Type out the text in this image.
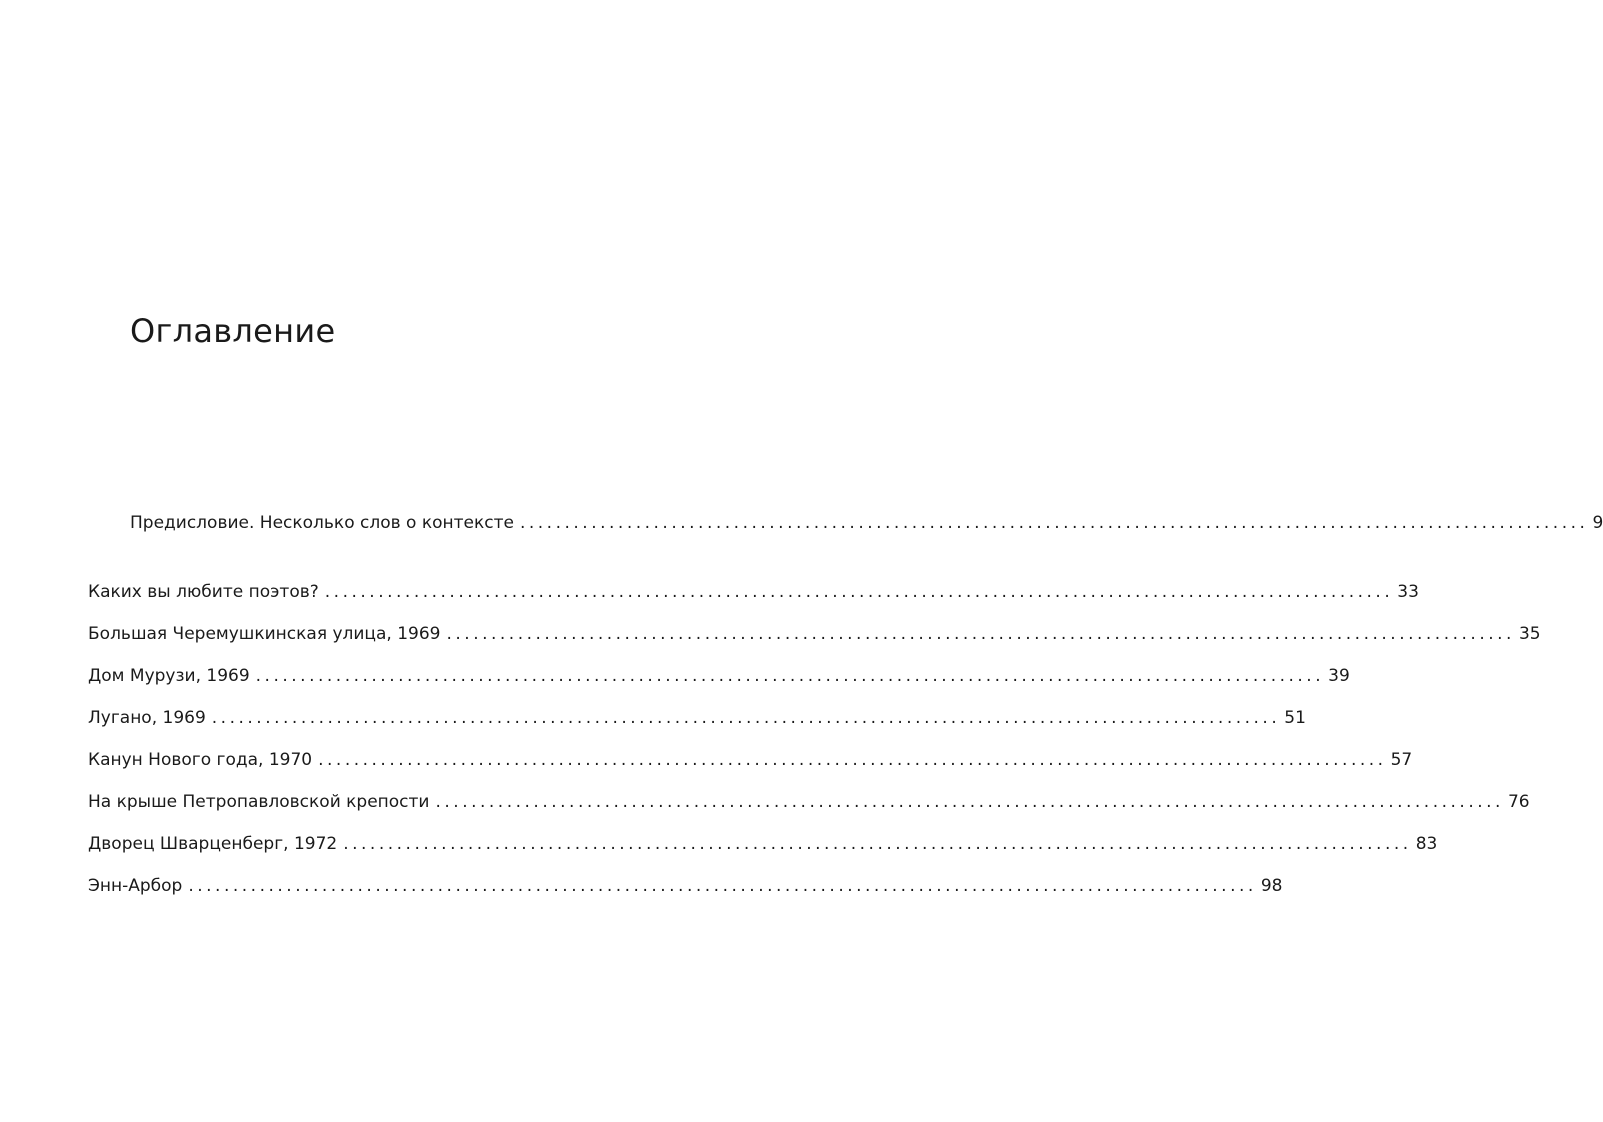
Оглавление
Предисловие. Несколько слов о контексте ........................................................................................................................ 9
Каких вы любите поэтов? ........................................................................................................................ 33
Большая Черемушкинская улица, 1969 ........................................................................................................................ 35
Дом Мурузи, 1969 ........................................................................................................................ 39
Лугано, 1969 ........................................................................................................................ 51
Канун Нового года, 1970 ........................................................................................................................ 57
На крыше Петропавловской крепости ........................................................................................................................ 76
Дворец Шварценберг, 1972 ........................................................................................................................ 83
Энн-Арбор ........................................................................................................................ 98
